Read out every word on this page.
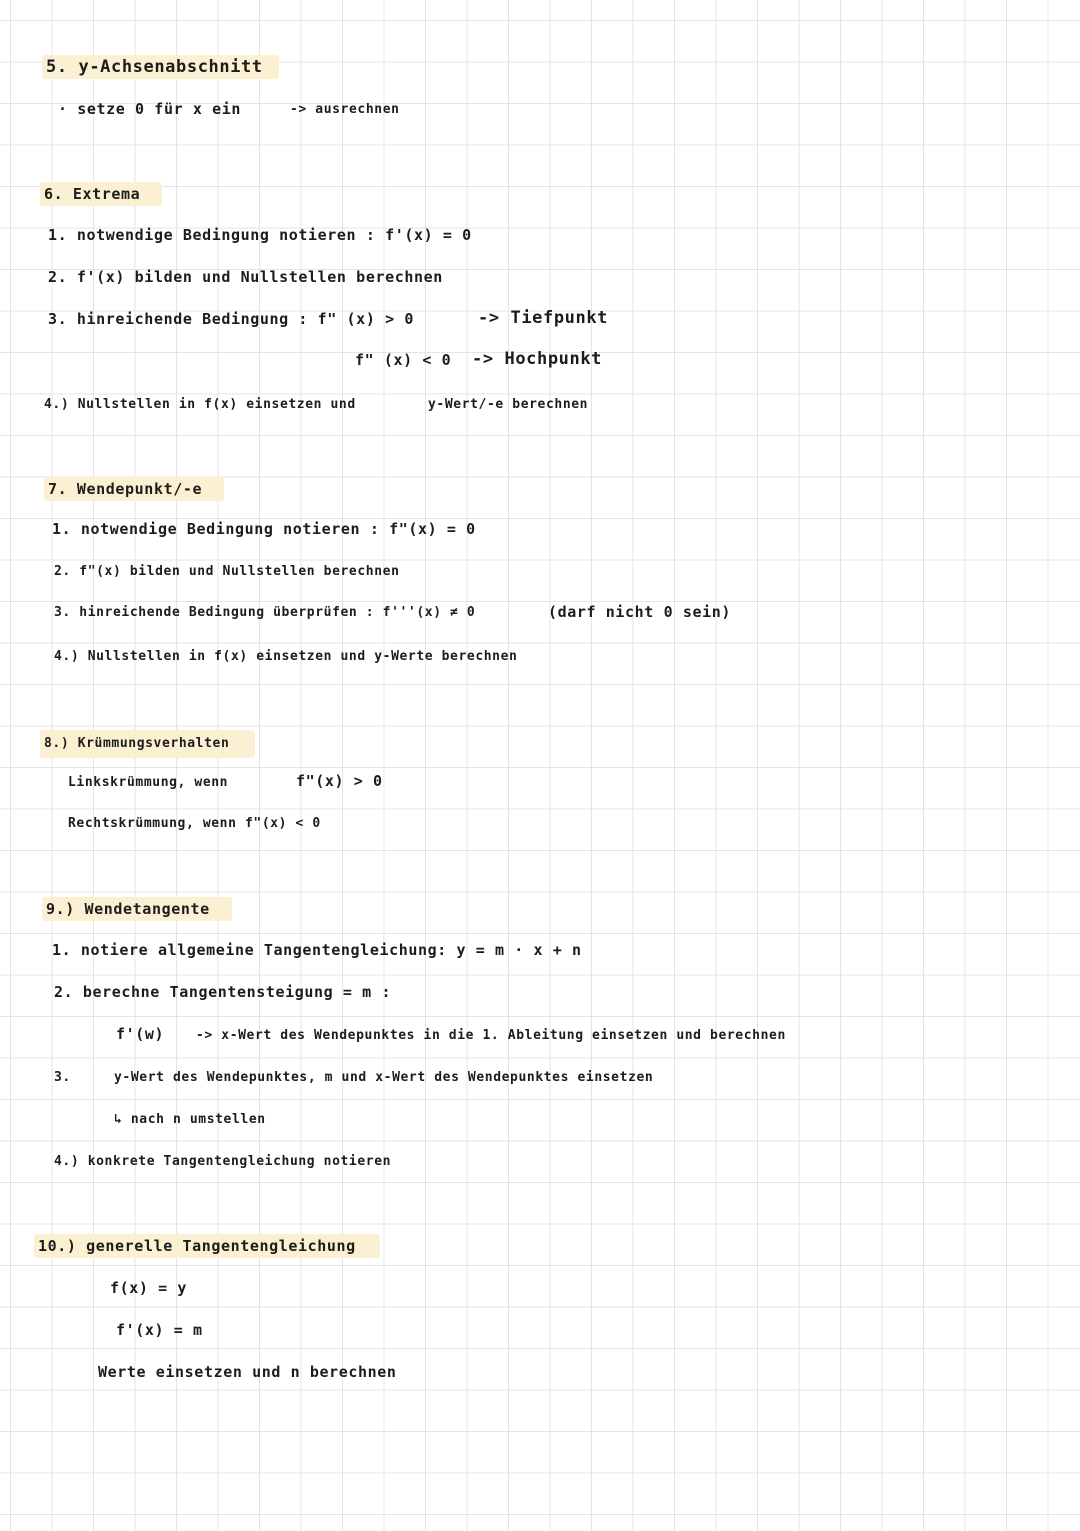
5. y-Achsenabschnitt
· setze 0 für x ein	-> ausrechnen
6. Extrema
1. notwendige Bedingung notieren : f'(x) = 0
2. f'(x) bilden und Nullstellen berechnen
3. hinreichende Bedingung : f" (x) > 0	-> Tiefpunkt
f" (x) < 0 -> Hochpunkt
4.) Nullstellen in f(x) einsetzen und	y-Wert/-e berechnen
7. Wendepunkt/-e
1. notwendige Bedingung notieren : f"(x) = 0
2. f"(x) bilden und Nullstellen berechnen
3. hinreichende Bedingung überprüfen : f'''(x) ≠ 0	(darf nicht 0 sein)
4.) Nullstellen in f(x) einsetzen und y-Werte berechnen
8.) Krümmungsverhalten
Linkskrümmung, wenn	f"(x) > 0
Rechtskrümmung, wenn f"(x) < 0
9.) Wendetangente
1. notiere allgemeine Tangentengleichung: y = m · x + n
2. berechne Tangentensteigung = m :
f'(w) -> x-Wert des Wendepunktes in die 1. Ableitung einsetzen und berechnen
3.	y-Wert des Wendepunktes, m und x-Wert des Wendepunktes einsetzen
↳ nach n umstellen
4.) konkrete Tangentengleichung notieren
10.) generelle Tangentengleichung
f(x) = y
f'(x) = m
Werte einsetzen und n berechnen
